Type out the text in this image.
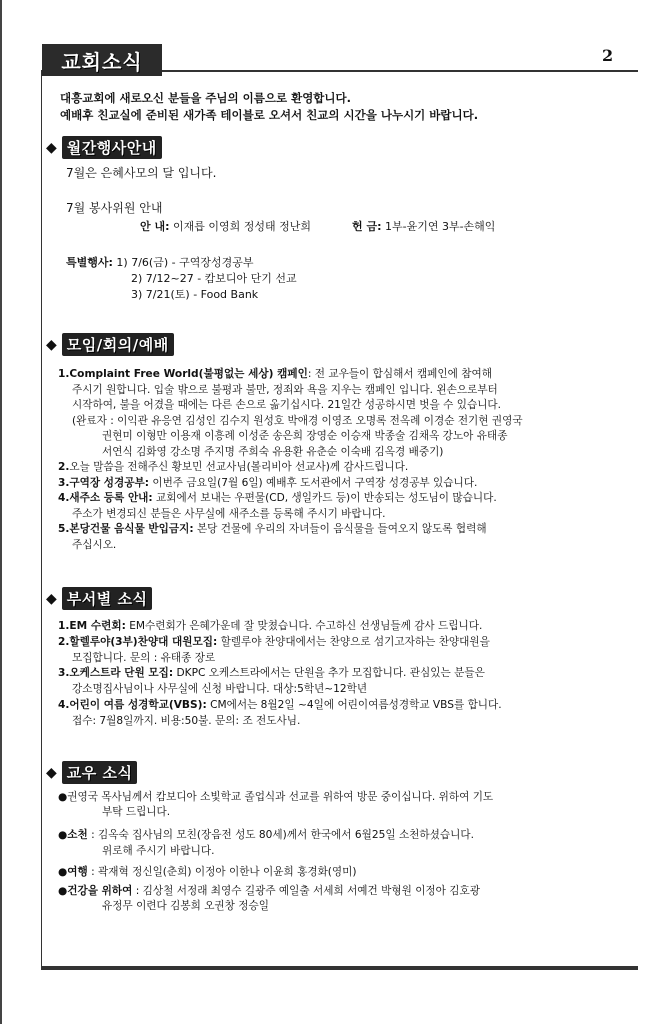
교회소식	2
대흥교회에 새로오신 분들을 주님의 이름으로 환영합니다.
예배후 친교실에 준비된 새가족 테이블로 오셔서 친교의 시간을 나누시기 바랍니다.
◆ 월간행사안내
7월은 은혜사모의 달 입니다.
7월 봉사위원 안내
안 내: 이재릅 이영희 정성태 정난희	헌 금: 1부-윤기연 3부-손해익
특별행사: 1) 7/6(금) - 구역장성경공부
2) 7/12~27 - 캄보디아 단기 선교
3) 7/21(토) - Food Bank
◆ 모임/회의/예배
1.Complaint Free World(불평없는 세상) 캠페인: 전 교우들이 합심해서 캠페인에 참여해
주시기 원합니다. 입술 밖으로 불평과 불만, 정죄와 욕을 지우는 캠페인 입니다. 왼손으로부터
시작하여, 불을 어겼을 때에는 다른 손으로 옮기십시다. 21일간 성공하시면 벗을 수 있습니다.
(완료자 : 이익관 유응연 김성인 김수지 원성호 박애경 이영조 오명록 전옥례 이경순 전기현 권영국
권현미 이형만 이용재 이흥례 이성준 송은희 장영순 이승재 박종술 김채옥 강노아 유태종
서연식 김화영 강소명 주지명 주희숙 유용환 유춘순 이숙배 김옥경 배중기)
2.오늘 말씀을 전해주신 황보민 선교사님(볼리비아 선교사)께 감사드립니다.
3.구역장 성경공부: 이번주 금요일(7월 6일) 예배후 도서관에서 구역장 성경공부 있습니다.
4.새주소 등록 안내: 교회에서 보내는 우편물(CD, 생일카드 등)이 반송되는 성도님이 많습니다.
주소가 변경되신 분들은 사무실에 새주소를 등록해 주시기 바랍니다.
5.본당건물 음식물 반입금지: 본당 건물에 우리의 자녀들이 음식물을 들여오지 않도록 협력해
주십시오.
◆ 부서별 소식
1.EM 수련회: EM수련회가 은혜가운데 잘 맞쳤습니다. 수고하신 선생님들께 감사 드립니다.
2.할렐루야(3부)찬양대 대원모집: 할렐루야 찬양대에서는 찬양으로 섬기고자하는 찬양대원을
모집합니다. 문의 : 유태종 장로
3.오케스트라 단원 모집: DKPC 오케스트라에서는 단원을 추가 모집합니다. 관심있는 분들은
강소명집사님이나 사무실에 신청 바랍니다. 대상:5학년~12학년
4.어린이 여름 성경학교(VBS): CM에서는 8월2일 ~4일에 어린이여름성경학교 VBS를 합니다.
접수: 7월8일까지. 비용:50불. 문의: 조 전도사님.
◆ 교우 소식
●권영국 목사님께서 캄보디아 소빛학교 졸업식과 선교를 위하여 방문 중이십니다. 위하여 기도
부탁 드립니다.
●소천 : 김옥숙 집사님의 모친(장음전 성도 80세)께서 한국에서 6월25일 소천하셨습니다.
위로해 주시기 바랍니다.
●여행 : 곽재혁 정신일(춘희) 이정아 이한나 이윤희 홍경화(영미)
●건강을 위하여 : 김상철 서정래 최영수 길광주 예일출 서세희 서예건 박형원 이정아 김호광
유정무 이련다 김봉희 오권창 정승일
